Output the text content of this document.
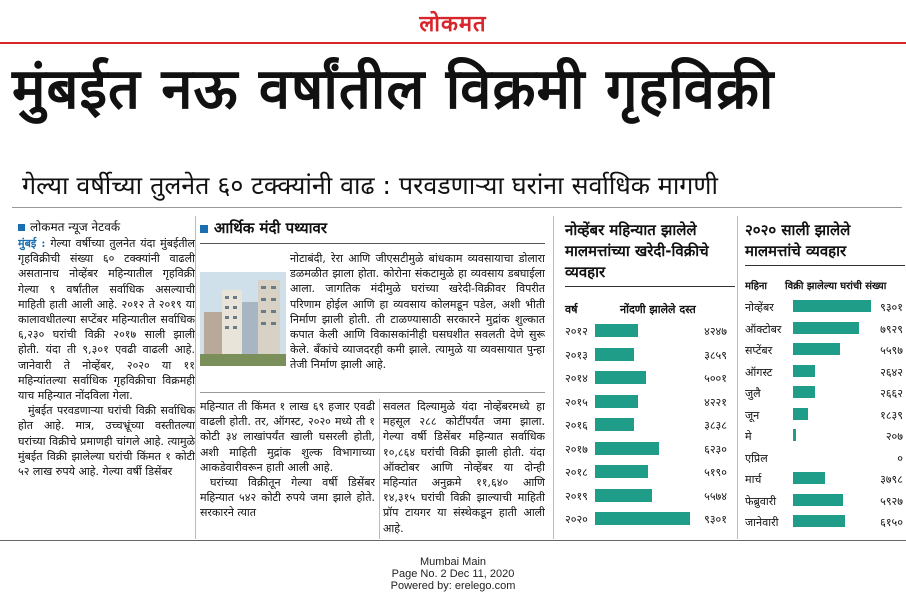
लोकमत
मुंबईत नऊ वर्षांतील विक्रमी गृहविक्री
गेल्या वर्षीच्या तुलनेत ६० टक्क्यांनी वाढ : परवडणाऱ्या घरांना सर्वाधिक मागणी
लोकमत न्यूज नेटवर्क
मुंबई : गेल्या वर्षीच्या तुलनेत यंदा मुंबईतील गृहविक्रीची संख्या ६० टक्क्यांनी वाढली असतानाच नोव्हेंबर महिन्यातील गृहविक्री गेल्या ९ वर्षांतील सर्वाधिक असल्याची माहिती हाती आली आहे. २०१२ ते २०१९ या कालावधीतल्या सप्टेंबर महिन्यातील सर्वाधिक ६,२३० घरांची विक्री २०१७ साली झाली होती. यंदा ती ९,३०१ एवढी वाढली आहे. जानेवारी ते नोव्हेंबर, २०२० या ११ महिन्यांतल्या सर्वाधिक गृहविक्रीचा विक्रमही याच महिन्यात नोंदविला गेला.
मुंबईत परवडणाऱ्या घरांची विक्री सर्वाधिक होत आहे. मात्र, उच्चभ्रूंच्या वस्तीतल्या घरांच्या विक्रीचे प्रमाणही चांगले आहे. त्यामुळे मुंबईत विक्री झालेल्या घरांची किंमत १ कोटी ५२ लाख रुपये आहे. गेल्या वर्षी डिसेंबर
आर्थिक मंदी पथ्यावर
नोटाबंदी, रेरा आणि जीएसटीमुळे बांधकाम व्यवसायाचा डोलारा डळमळीत झाला होता. कोरोना संकटामुळे हा व्यवसाय डबघाईला आला. जागतिक मंदीमुळे घरांच्या खरेदी-विक्रीवर विपरीत परिणाम होईल आणि हा व्यवसाय कोलमडून पडेल, अशी भीती निर्माण झाली होती. ती टाळण्यासाठी सरकारने मुद्रांक शुल्कात कपात केली आणि विकासकांनीही घसघशीत सवलती देणे सुरू केले. बँकांचे व्याजदरही कमी झाले. त्यामुळे या व्यवसायात पुन्हा तेजी निर्माण झाली आहे.
महिन्यात ती किंमत १ लाख ६९ हजार एवढी वाढली होती. तर, ऑगस्ट, २०२० मध्ये ती १ कोटी ३४ लाखांपर्यंत खाली घसरली होती, अशी माहिती मुद्रांक शुल्क विभागाच्या आकडेवारीवरून हाती आली आहे.
घरांच्या विक्रीतून गेल्या वर्षी डिसेंबर महिन्यात ५४२ कोटी रुपये जमा झाले होते. सरकारने त्यात
सवलत दिल्यामुळे यंदा नोव्हेंबरमध्ये हा महसूल २८८ कोटींपर्यंत जमा झाला. गेल्या वर्षी डिसेंबर महिन्यात सर्वाधिक १०,८६४ घरांची विक्री झाली होती. यंदा ऑक्टोबर आणि नोव्हेंबर या दोन्ही महिन्यांत अनुक्रमे ११,६४० आणि १४,३१५ घरांची विक्री झाल्याची माहिती प्रॉप टायगर या संस्थेकडून हाती आली आहे.
नोव्हेंबर महिन्यात झालेले मालमत्तांच्या खरेदी-विक्रीचे व्यवहार
वर्ष	नोंदणी झालेले दस्त
२०१२	४२४७
२०१३	३८५९
२०१४	५००१
२०१५	४२२१
२०१६	३८३८
२०१७	६२३०
२०१८	५१९०
२०१९	५५७४
२०२०	९३०१
२०२० साली झालेले मालमत्तांचे व्यवहार
महिना विक्री झालेल्या घरांची संख्या
नोव्हेंबर	९३०१
ऑक्टोबर	७९२९
सप्टेंबर	५५९७
ऑगस्ट	२६४२
जुलै	२६६२
जून	१८३९
मे	२०७
एप्रिल	०
मार्च	३७९८
फेब्रुवारी	५९२७
जानेवारी	६१५०
Mumbai Main
Page No. 2 Dec 11, 2020
Powered by: erelego.com
